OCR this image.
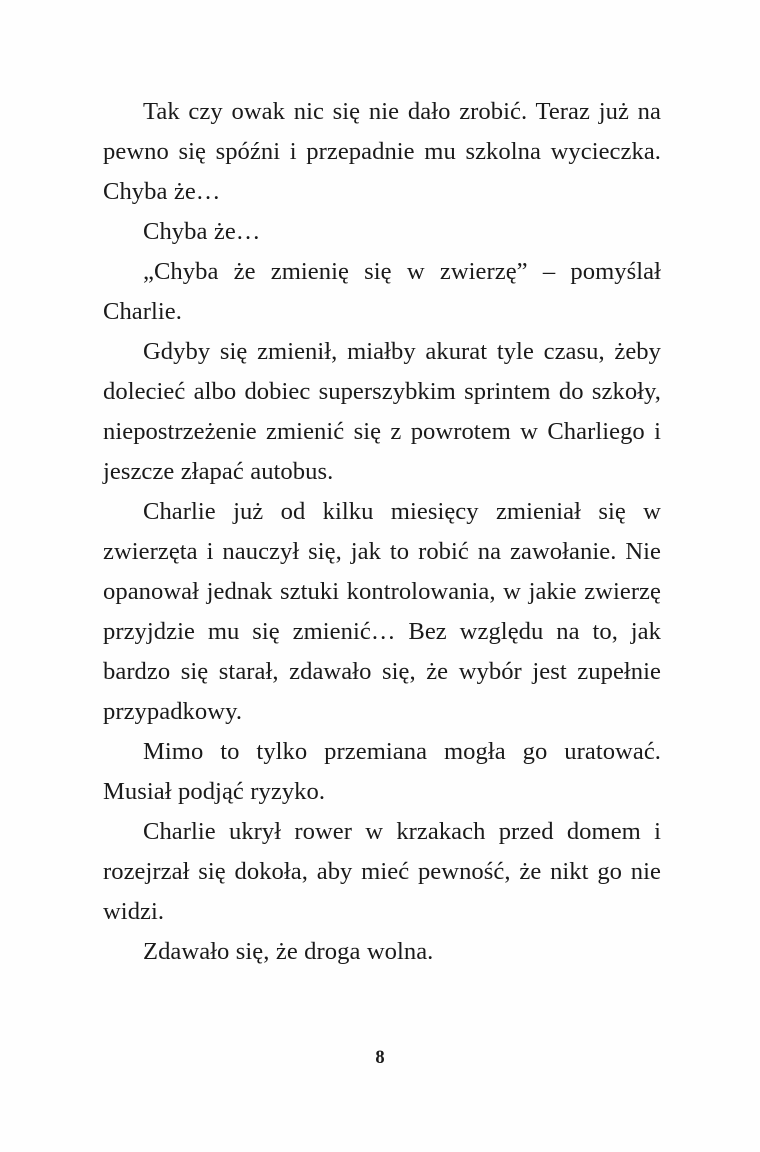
Tak czy owak nic się nie dało zrobić. Teraz już na pewno się spóźni i przepadnie mu szkolna wycieczka. Chyba że…

Chyba że…

„Chyba że zmienię się w zwierzę” – pomyślał Charlie.

Gdyby się zmienił, miałby akurat tyle czasu, żeby dolecieć albo dobiec superszybkim sprintem do szkoły, niepostrzeżenie zmienić się z powrotem w Charliego i jeszcze złapać autobus.

Charlie już od kilku miesięcy zmieniał się w zwierzęta i nauczył się, jak to robić na zawołanie. Nie opanował jednak sztuki kontrolowania, w jakie zwierzę przyjdzie mu się zmienić… Bez względu na to, jak bardzo się starał, zdawało się, że wybór jest zupełnie przypadkowy.

Mimo to tylko przemiana mogła go uratować. Musiał podjąć ryzyko.

Charlie ukrył rower w krzakach przed domem i rozejrzał się dokoła, aby mieć pewność, że nikt go nie widzi.

Zdawało się, że droga wolna.

8
